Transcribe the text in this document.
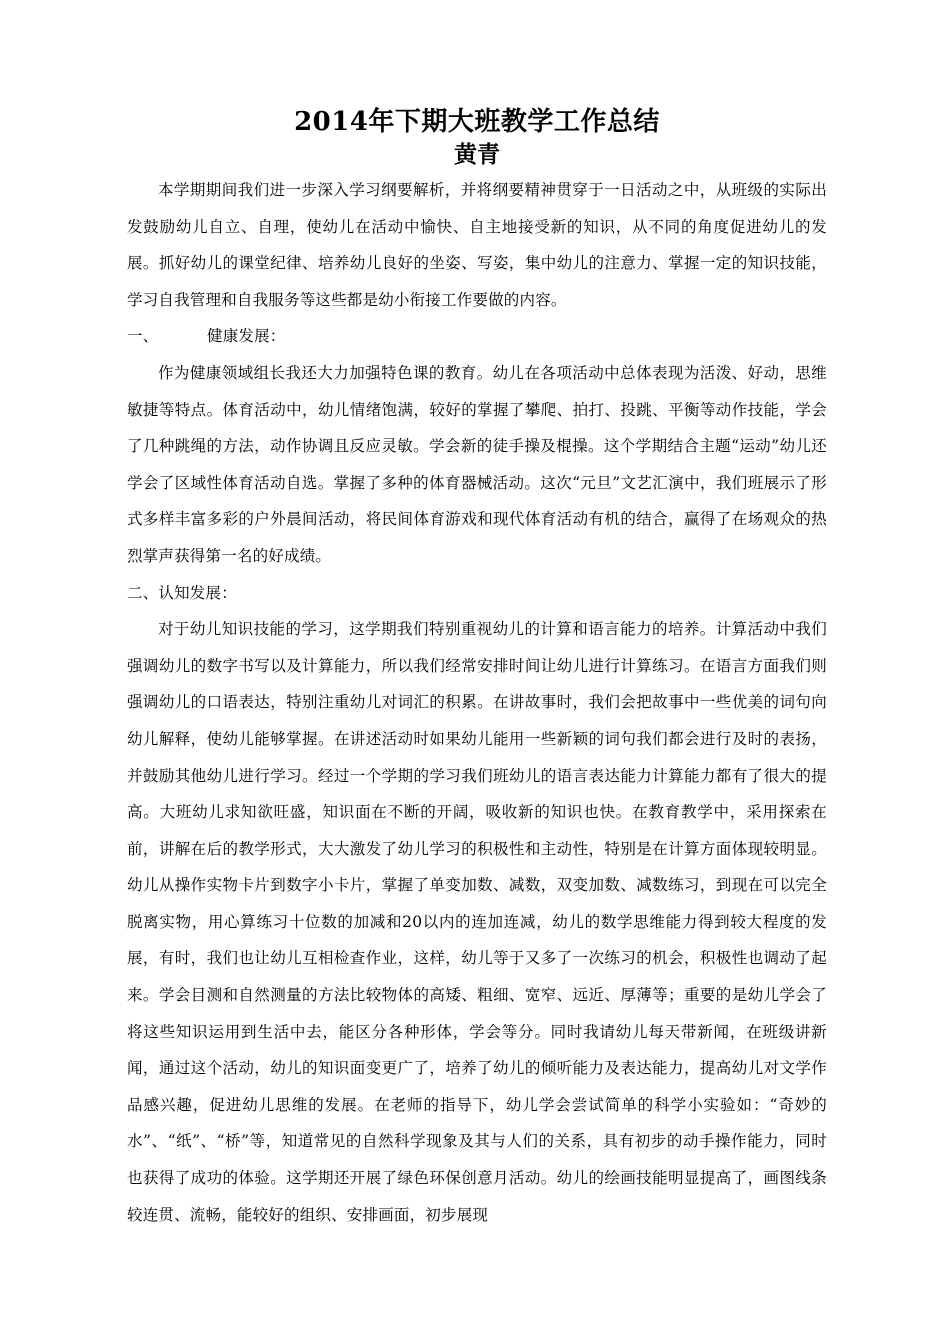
2014年下期大班教学工作总结
黄青

本学期期间我们进一步深入学习纲要解析，并将纲要精神贯穿于一日活动之中，从班级的实际出发鼓励幼儿自立、自理，使幼儿在活动中愉快、自主地接受新的知识，从不同的角度促进幼儿的发展。抓好幼儿的课堂纪律、培养幼儿良好的坐姿、写姿，集中幼儿的注意力、掌握一定的知识技能，学习自我管理和自我服务等这些都是幼小衔接工作要做的内容。

一、	健康发展：

作为健康领域组长我还大力加强特色课的教育。幼儿在各项活动中总体表现为活泼、好动，思维敏捷等特点。体育活动中，幼儿情绪饱满，较好的掌握了攀爬、拍打、投跳、平衡等动作技能，学会了几种跳绳的方法，动作协调且反应灵敏。学会新的徒手操及棍操。这个学期结合主题“运动”幼儿还学会了区域性体育活动自选。掌握了多种的体育器械活动。这次“元旦”文艺汇演中，我们班展示了形式多样丰富多彩的户外晨间活动，将民间体育游戏和现代体育活动有机的结合，赢得了在场观众的热烈掌声获得第一名的好成绩。

二、认知发展：

对于幼儿知识技能的学习，这学期我们特别重视幼儿的计算和语言能力的培养。计算活动中我们强调幼儿的数字书写以及计算能力，所以我们经常安排时间让幼儿进行计算练习。在语言方面我们则强调幼儿的口语表达，特别注重幼儿对词汇的积累。在讲故事时，我们会把故事中一些优美的词句向幼儿解释，使幼儿能够掌握。在讲述活动时如果幼儿能用一些新颖的词句我们都会进行及时的表扬，并鼓励其他幼儿进行学习。经过一个学期的学习我们班幼儿的语言表达能力计算能力都有了很大的提高。大班幼儿求知欲旺盛，知识面在不断的开阔，吸收新的知识也快。在教育教学中，采用探索在前，讲解在后的教学形式，大大激发了幼儿学习的积极性和主动性，特别是在计算方面体现较明显。幼儿从操作实物卡片到数字小卡片，掌握了单变加数、减数，双变加数、减数练习，到现在可以完全脱离实物，用心算练习十位数的加减和20以内的连加连减，幼儿的数学思维能力得到较大程度的发展，有时，我们也让幼儿互相检查作业，这样，幼儿等于又多了一次练习的机会，积极性也调动了起来。学会目测和自然测量的方法比较物体的高矮、粗细、宽窄、远近、厚薄等；重要的是幼儿学会了将这些知识运用到生活中去，能区分各种形体，学会等分。同时我请幼儿每天带新闻，在班级讲新闻，通过这个活动，幼儿的知识面变更广了，培养了幼儿的倾听能力及表达能力，提高幼儿对文学作品感兴趣，促进幼儿思维的发展。在老师的指导下，幼儿学会尝试简单的科学小实验如：“奇妙的水”、“纸”、“桥”等，知道常见的自然科学现象及其与人们的关系，具有初步的动手操作能力，同时也获得了成功的体验。这学期还开展了绿色环保创意月活动。幼儿的绘画技能明显提高了，画图线条较连贯、流畅，能较好的组织、安排画面，初步展现
